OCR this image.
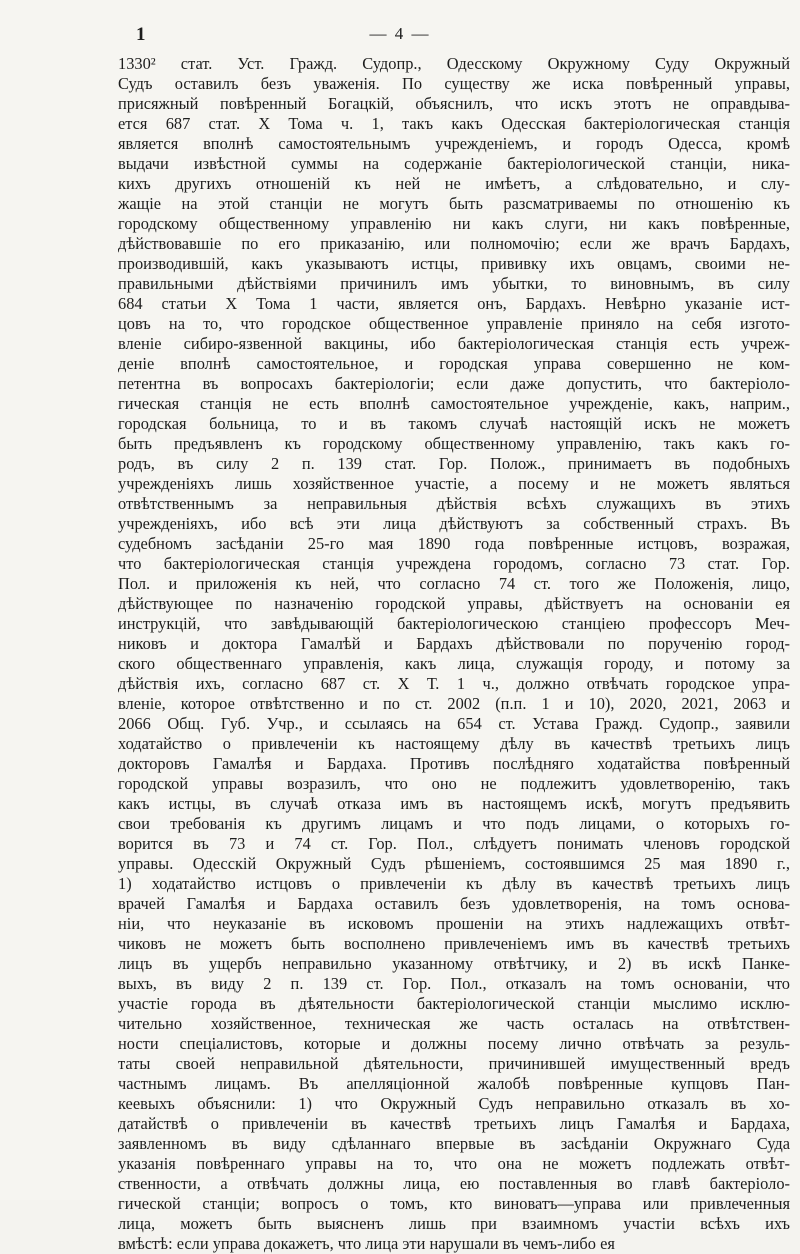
1	— 4 —
1330² стат. Уст. Гражд. Судопр., Одесскому Окружному Суду Окружный
Судъ оставилъ безъ уваженія. По существу же иска повѣренный управы,
присяжный повѣренный Богацкій, объяснилъ, что искъ этотъ не оправдыва-
ется 687 стат. X Тома ч. 1, такъ какъ Одесская бактеріологическая станція
является вполнѣ самостоятельнымъ учрежденіемъ, и городъ Одесса, кромѣ
выдачи извѣстной суммы на содержаніе бактеріологической станціи, ника-
кихъ другихъ отношеній къ ней не имѣетъ, а слѣдовательно, и слу-
жащіе на этой станціи не могутъ быть разсматриваемы по отношенію къ
городскому общественному управленію ни какъ слуги, ни какъ повѣренные,
дѣйствовавшіе по его приказанію, или полномочію; если же врачъ Бардахъ,
производившій, какъ указываютъ истцы, прививку ихъ овцамъ, своими не-
правильными дѣйствіями причинилъ имъ убытки, то виновнымъ, въ силу
684 статьи X Тома 1 части, является онъ, Бардахъ. Невѣрно указаніе ист-
цовъ на то, что городское общественное управленіе приняло на себя изгото-
вленіе сибиро-язвенной вакцины, ибо бактеріологическая станція есть учреж-
деніе вполнѣ самостоятельное, и городская управа совершенно не ком-
петентна въ вопросахъ бактеріологіи; если даже допустить, что бактеріоло-
гическая станція не есть вполнѣ самостоятельное учрежденіе, какъ, наприм.,
городская больница, то и въ такомъ случаѣ настоящій искъ не можетъ
быть предъявленъ къ городскому общественному управленію, такъ какъ го-
родъ, въ силу 2 п. 139 стат. Гор. Полож., принимаетъ въ подобныхъ
учрежденіяхъ лишь хозяйственное участіе, а посему и не можетъ являться
отвѣтственнымъ за неправильныя дѣйствія всѣхъ служащихъ въ этихъ
учрежденіяхъ, ибо всѣ эти лица дѣйствуютъ за собственный страхъ. Въ
судебномъ засѣданіи 25-го мая 1890 года повѣренные истцовъ, возражая,
что бактеріологическая станція учреждена городомъ, согласно 73 стат. Гор.
Пол. и приложенія къ ней, что согласно 74 ст. того же Положенія, лицо,
дѣйствующее по назначенію городской управы, дѣйствуетъ на основаніи ея
инструкцій, что завѣдывающій бактеріологическою станціею профессоръ Меч-
никовъ и доктора Гамалѣй и Бардахъ дѣйствовали по порученію город-
ского общественнаго управленія, какъ лица, служащія городу, и потому за
дѣйствія ихъ, согласно 687 ст. X Т. 1 ч., должно отвѣчать городское упра-
вленіе, которое отвѣтственно и по ст. 2002 (п.п. 1 и 10), 2020, 2021, 2063 и
2066 Общ. Губ. Учр., и ссылаясь на 654 ст. Устава Гражд. Судопр., заявили
ходатайство о привлеченіи къ настоящему дѣлу въ качествѣ третьихъ лицъ
докторовъ Гамалѣя и Бардаха. Противъ послѣдняго ходатайства повѣренный
городской управы возразилъ, что оно не подлежитъ удовлетворенію, такъ
какъ истцы, въ случаѣ отказа имъ въ настоящемъ искѣ, могутъ предъявить
свои требованія къ другимъ лицамъ и что подъ лицами, о которыхъ го-
ворится въ 73 и 74 ст. Гор. Пол., слѣдуетъ понимать членовъ городской
управы. Одесскій Окружный Судъ рѣшеніемъ, состоявшимся 25 мая 1890 г.,
1) ходатайство истцовъ о привлеченіи къ дѣлу въ качествѣ третьихъ лицъ
врачей Гамалѣя и Бардаха оставилъ безъ удовлетворенія, на томъ основа-
ніи, что неуказаніе въ исковомъ прошеніи на этихъ надлежащихъ отвѣт-
чиковъ не можетъ быть восполнено привлеченіемъ имъ въ качествѣ третьихъ
лицъ въ ущербъ неправильно указанному отвѣтчику, и 2) въ искѣ Панке-
выхъ, въ виду 2 п. 139 ст. Гор. Пол., отказалъ на томъ основаніи, что
участіе города въ дѣятельности бактеріологической станціи мыслимо исклю-
чительно хозяйственное, техническая же часть осталась на отвѣтствен-
ности спеціалистовъ, которые и должны посему лично отвѣчать за резуль-
таты своей неправильной дѣятельности, причинившей имущественный вредъ
частнымъ лицамъ. Въ апелляціонной жалобѣ повѣренные купцовъ Пан-
кеевыхъ объяснили: 1) что Окружный Судъ неправильно отказалъ въ хо-
датайствѣ о привлеченіи въ качествѣ третьихъ лицъ Гамалѣя и Бардаха,
заявленномъ въ виду сдѣланнаго впервые въ засѣданіи Окружнаго Суда
указанія повѣреннаго управы на то, что она не можетъ подлежать отвѣт-
ственности, а отвѣчать должны лица, ею поставленныя во главѣ бактеріоло-
гической станціи; вопросъ о томъ, кто виноватъ—управа или привлеченныя
лица, можетъ быть выясненъ лишь при взаимномъ участіи всѣхъ ихъ
вмѣстѣ: если управа докажетъ, что лица эти нарушали въ чемъ-либо ея
